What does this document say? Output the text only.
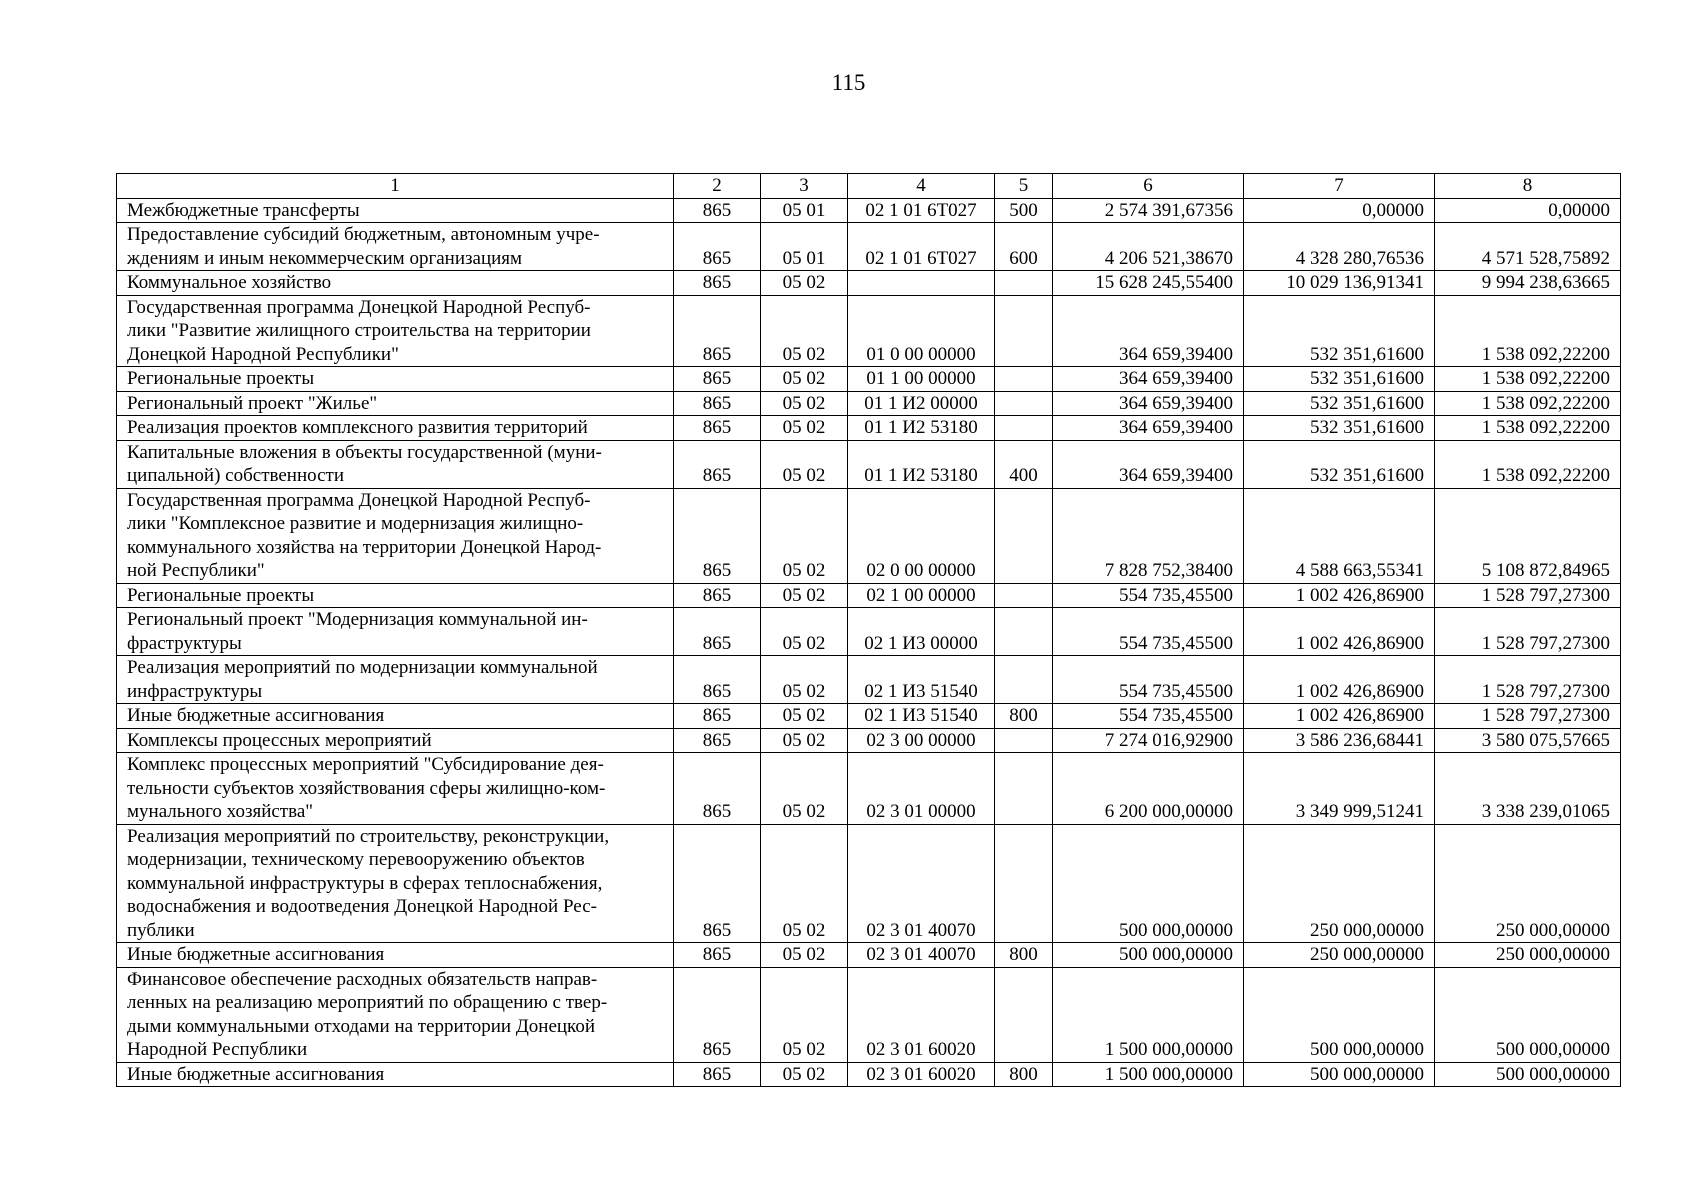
115
1	2	3	4	5	6	7	8
Межбюджетные трансферты	865	05 01	02 1 01 6Т027	500	2 574 391,67356	0,00000	0,00000
Предоставление субсидий бюджетным, автономным учре-
ждениям и иным некоммерческим организациям	865	05 01	02 1 01 6Т027	600	4 206 521,38670	4 328 280,76536	4 571 528,75892
Коммунальное хозяйство	865	05 02			15 628 245,55400	10 029 136,91341	9 994 238,63665
Государственная программа Донецкой Народной Респуб-
лики "Развитие жилищного строительства на территории
Донецкой Народной Республики"	865	05 02	01 0 00 00000		364 659,39400	532 351,61600	1 538 092,22200
Региональные проекты	865	05 02	01 1 00 00000		364 659,39400	532 351,61600	1 538 092,22200
Региональный проект "Жилье"	865	05 02	01 1 И2 00000		364 659,39400	532 351,61600	1 538 092,22200
Реализация проектов комплексного развития территорий	865	05 02	01 1 И2 53180		364 659,39400	532 351,61600	1 538 092,22200
Капитальные вложения в объекты государственной (муни-
ципальной) собственности	865	05 02	01 1 И2 53180	400	364 659,39400	532 351,61600	1 538 092,22200
Государственная программа Донецкой Народной Респуб-
лики "Комплексное развитие и модернизация жилищно-
коммунального хозяйства на территории Донецкой Народ-
ной Республики"	865	05 02	02 0 00 00000		7 828 752,38400	4 588 663,55341	5 108 872,84965
Региональные проекты	865	05 02	02 1 00 00000		554 735,45500	1 002 426,86900	1 528 797,27300
Региональный проект "Модернизация коммунальной ин-
фраструктуры	865	05 02	02 1 И3 00000		554 735,45500	1 002 426,86900	1 528 797,27300
Реализация мероприятий по модернизации коммунальной
инфраструктуры	865	05 02	02 1 И3 51540		554 735,45500	1 002 426,86900	1 528 797,27300
Иные бюджетные ассигнования	865	05 02	02 1 И3 51540	800	554 735,45500	1 002 426,86900	1 528 797,27300
Комплексы процессных мероприятий	865	05 02	02 3 00 00000		7 274 016,92900	3 586 236,68441	3 580 075,57665
Комплекс процессных мероприятий "Субсидирование дея-
тельности субъектов хозяйствования сферы жилищно-ком-
мунального хозяйства"	865	05 02	02 3 01 00000		6 200 000,00000	3 349 999,51241	3 338 239,01065
Реализация мероприятий по строительству, реконструкции,
модернизации, техническому перевооружению объектов
коммунальной инфраструктуры в сферах теплоснабжения,
водоснабжения и водоотведения Донецкой Народной Рес-
публики	865	05 02	02 3 01 40070		500 000,00000	250 000,00000	250 000,00000
Иные бюджетные ассигнования	865	05 02	02 3 01 40070	800	500 000,00000	250 000,00000	250 000,00000
Финансовое обеспечение расходных обязательств направ-
ленных на реализацию мероприятий по обращению с твер-
дыми коммунальными отходами на территории Донецкой
Народной Республики	865	05 02	02 3 01 60020		1 500 000,00000	500 000,00000	500 000,00000
Иные бюджетные ассигнования	865	05 02	02 3 01 60020	800	1 500 000,00000	500 000,00000	500 000,00000
